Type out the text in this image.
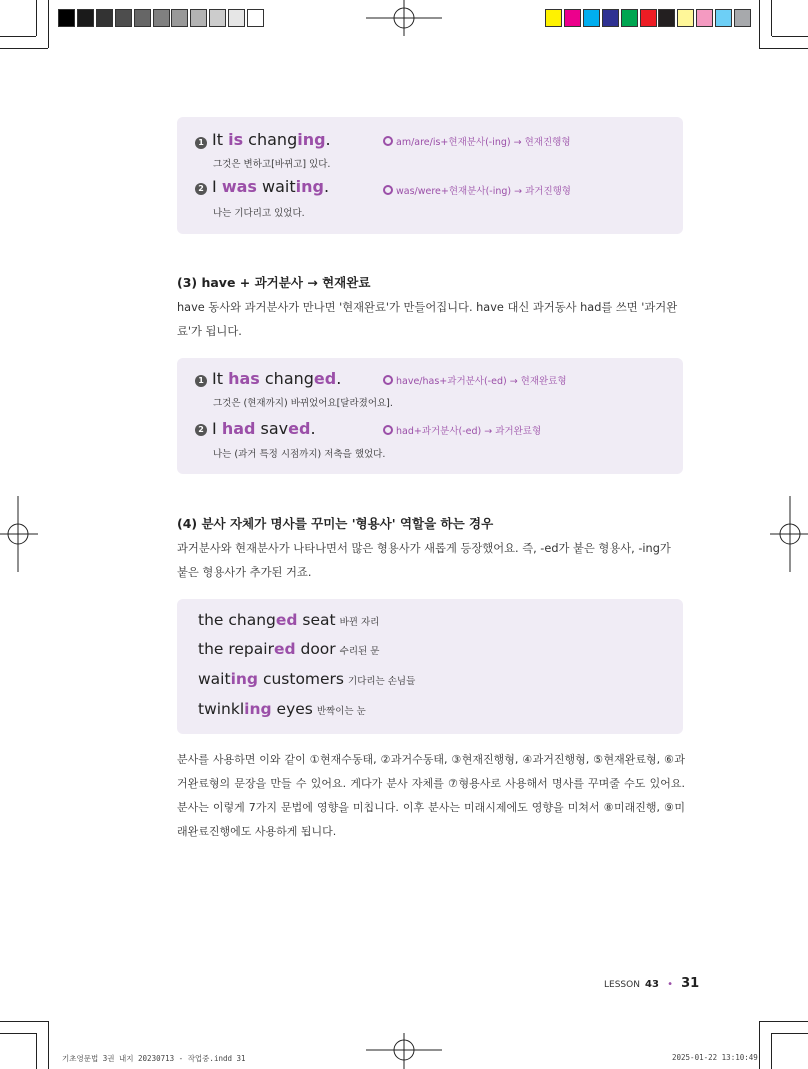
1 It is changing.
그것은 변하고[바뀌고] 있다.
am/are/is+현재분사(-ing) → 현재진행형
2 I was waiting.
나는 기다리고 있었다.
was/were+현재분사(-ing) → 과거진행형
(3) have + 과거분사 → 현재완료
have 동사와 과거분사가 만나면 '현재완료'가 만들어집니다. have 대신 과거동사 had를 쓰면 '과거완료'가 됩니다.
1 It has changed.
그것은 (현재까지) 바뀌었어요[달라졌어요].
have/has+과거분사(-ed) → 현재완료형
2 I had saved.
나는 (과거 특정 시점까지) 저축을 했었다.
had+과거분사(-ed) → 과거완료형
(4) 분사 자체가 명사를 꾸미는 '형용사' 역할을 하는 경우
과거분사와 현재분사가 나타나면서 많은 형용사가 새롭게 등장했어요. 즉, -ed가 붙은 형용사, -ing가 붙은 형용사가 추가된 거죠.
the changed seat 바뀐 자리
the repaired door 수리된 문
waiting customers 기다리는 손님들
twinkling eyes 반짝이는 눈
분사를 사용하면 이와 같이 ①현재수동태, ②과거수동태, ③현재진행형, ④과거진행형, ⑤현재완료형, ⑥과거완료형의 문장을 만들 수 있어요. 게다가 분사 자체를 ⑦형용사로 사용해서 명사를 꾸며줄 수도 있어요. 분사는 이렇게 7가지 문법에 영향을 미칩니다. 이후 분사는 미래시제에도 영향을 미쳐서 ⑧미래진행, ⑨미래완료진행에도 사용하게 됩니다.
LESSON 43 • 31
기초영문법 3권 내지 20230713 - 작업중.indd 31	2025-01-22 13:10:49
